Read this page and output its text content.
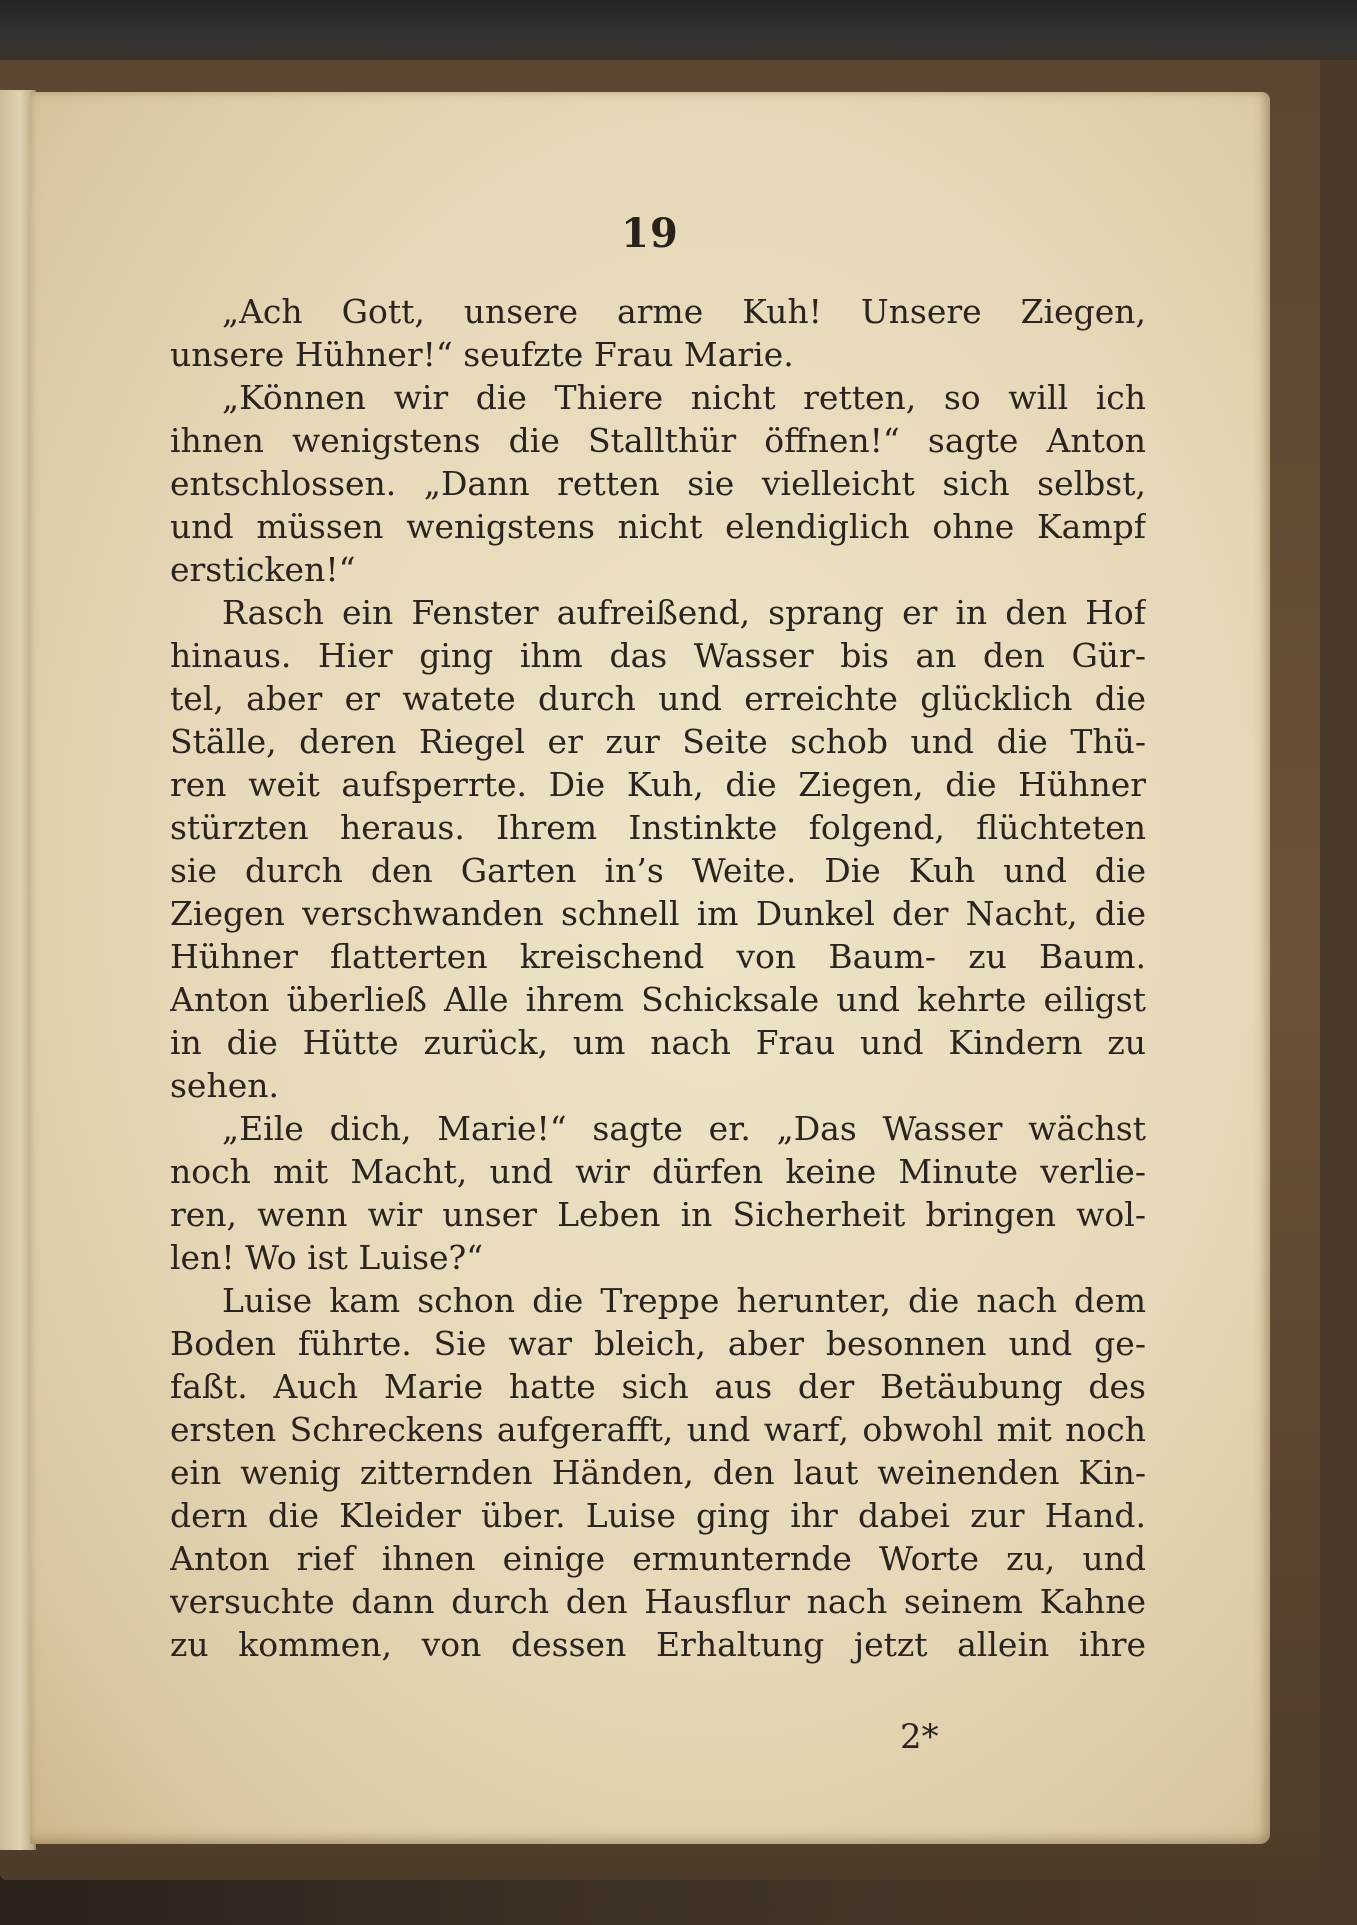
19
„Ach Gott, unsere arme Kuh! Unsere Ziegen,
unsere Hühner!“ seufzte Frau Marie.
„Können wir die Thiere nicht retten, so will ich
ihnen wenigstens die Stallthür öffnen!“ sagte Anton
entschlossen. „Dann retten sie vielleicht sich selbst,
und müssen wenigstens nicht elendiglich ohne Kampf
ersticken!“
Rasch ein Fenster aufreißend, sprang er in den Hof
hinaus. Hier ging ihm das Wasser bis an den Gür-
tel, aber er watete durch und erreichte glücklich die
Ställe, deren Riegel er zur Seite schob und die Thü-
ren weit aufsperrte. Die Kuh, die Ziegen, die Hühner
stürzten heraus. Ihrem Instinkte folgend, flüchteten
sie durch den Garten in’s Weite. Die Kuh und die
Ziegen verschwanden schnell im Dunkel der Nacht, die
Hühner flatterten kreischend von Baum- zu Baum.
Anton überließ Alle ihrem Schicksale und kehrte eiligst
in die Hütte zurück, um nach Frau und Kindern zu
sehen.
„Eile dich, Marie!“ sagte er. „Das Wasser wächst
noch mit Macht, und wir dürfen keine Minute verlie-
ren, wenn wir unser Leben in Sicherheit bringen wol-
len! Wo ist Luise?“
Luise kam schon die Treppe herunter, die nach dem
Boden führte. Sie war bleich, aber besonnen und ge-
faßt. Auch Marie hatte sich aus der Betäubung des
ersten Schreckens aufgerafft, und warf, obwohl mit noch
ein wenig zitternden Händen, den laut weinenden Kin-
dern die Kleider über. Luise ging ihr dabei zur Hand.
Anton rief ihnen einige ermunternde Worte zu, und
versuchte dann durch den Hausflur nach seinem Kahne
zu kommen, von dessen Erhaltung jetzt allein ihre
2*
